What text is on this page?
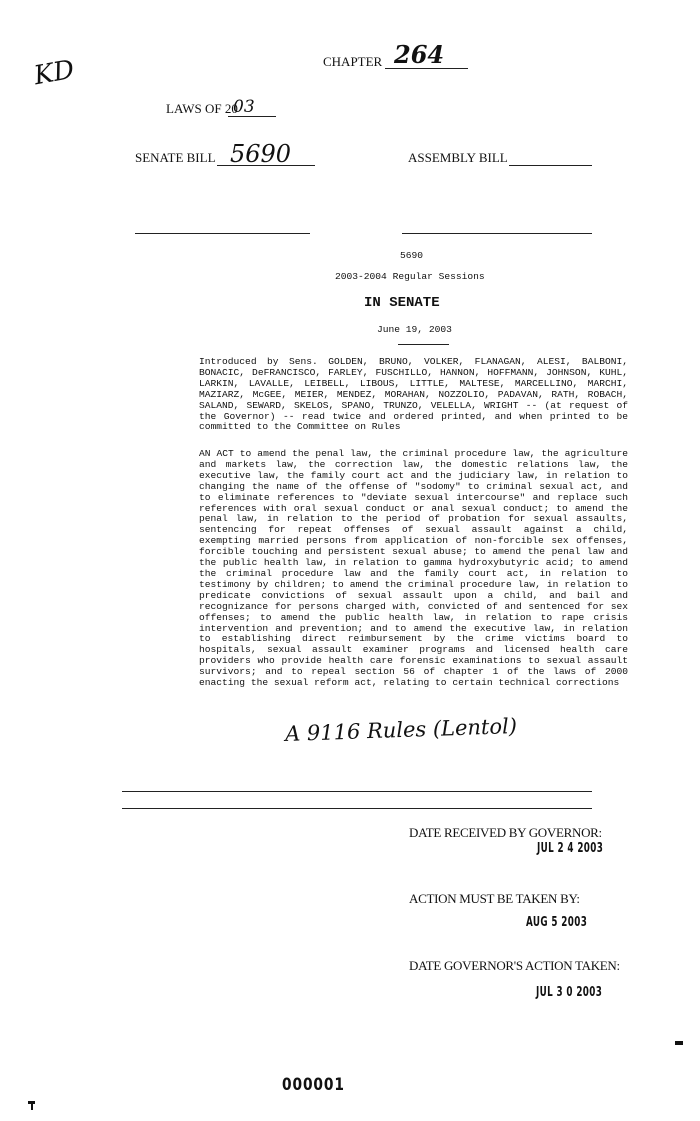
KD	CHAPTER 264
LAWS OF 20
03
SENATE BILL 5690	ASSEMBLY BILL
5690
2003-2004 Regular Sessions
IN SENATE
June 19, 2003
Introduced by Sens. GOLDEN, BRUNO, VOLKER, FLANAGAN, ALESI, BALBONI, BONACIC, DeFRANCISCO, FARLEY, FUSCHILLO, HANNON, HOFFMANN, JOHNSON, KUHL, LARKIN, LAVALLE, LEIBELL, LIBOUS, LITTLE, MALTESE, MARCELLINO, MARCHI, MAZIARZ, McGEE, MEIER, MENDEZ, MORAHAN, NOZZOLIO, PADAVAN, RATH, ROBACH, SALAND, SEWARD, SKELOS, SPANO, TRUNZO, VELELLA, WRIGHT -- (at request of the Governor) -- read twice and ordered printed, and when printed to be committed to the Committee on Rules
AN ACT to amend the penal law, the criminal procedure law, the agriculture and markets law, the correction law, the domestic relations law, the executive law, the family court act and the judiciary law, in relation to changing the name of the offense of "sodomy" to criminal sexual act, and to eliminate references to "deviate sexual intercourse" and replace such references with oral sexual conduct or anal sexual conduct; to amend the penal law, in relation to the period of probation for sexual assaults, sentencing for repeat offenses of sexual assault against a child, exempting married persons from application of non-forcible sex offenses, forcible touching and persistent sexual abuse; to amend the penal law and the public health law, in relation to gamma hydroxybutyric acid; to amend the criminal procedure law and the family court act, in relation to testimony by children; to amend the criminal procedure law, in relation to predicate convictions of sexual assault upon a child, and bail and recognizance for persons charged with, convicted of and sentenced for sex offenses; to amend the public health law, in relation to rape crisis intervention and prevention; and to amend the executive law, in relation to establishing direct reimbursement by the crime victims board to hospitals, sexual assault examiner programs and licensed health care providers who provide health care forensic examinations to sexual assault survivors; and to repeal section 56 of chapter 1 of the laws of 2000 enacting the sexual reform act, relating to certain technical corrections
A 9116 Rules (Lentol)
DATE RECEIVED BY GOVERNOR:
JUL 2 4 2003
ACTION MUST BE TAKEN BY:
AUG 5 2003
DATE GOVERNOR'S ACTION TAKEN:
JUL 3 0 2003
000001
